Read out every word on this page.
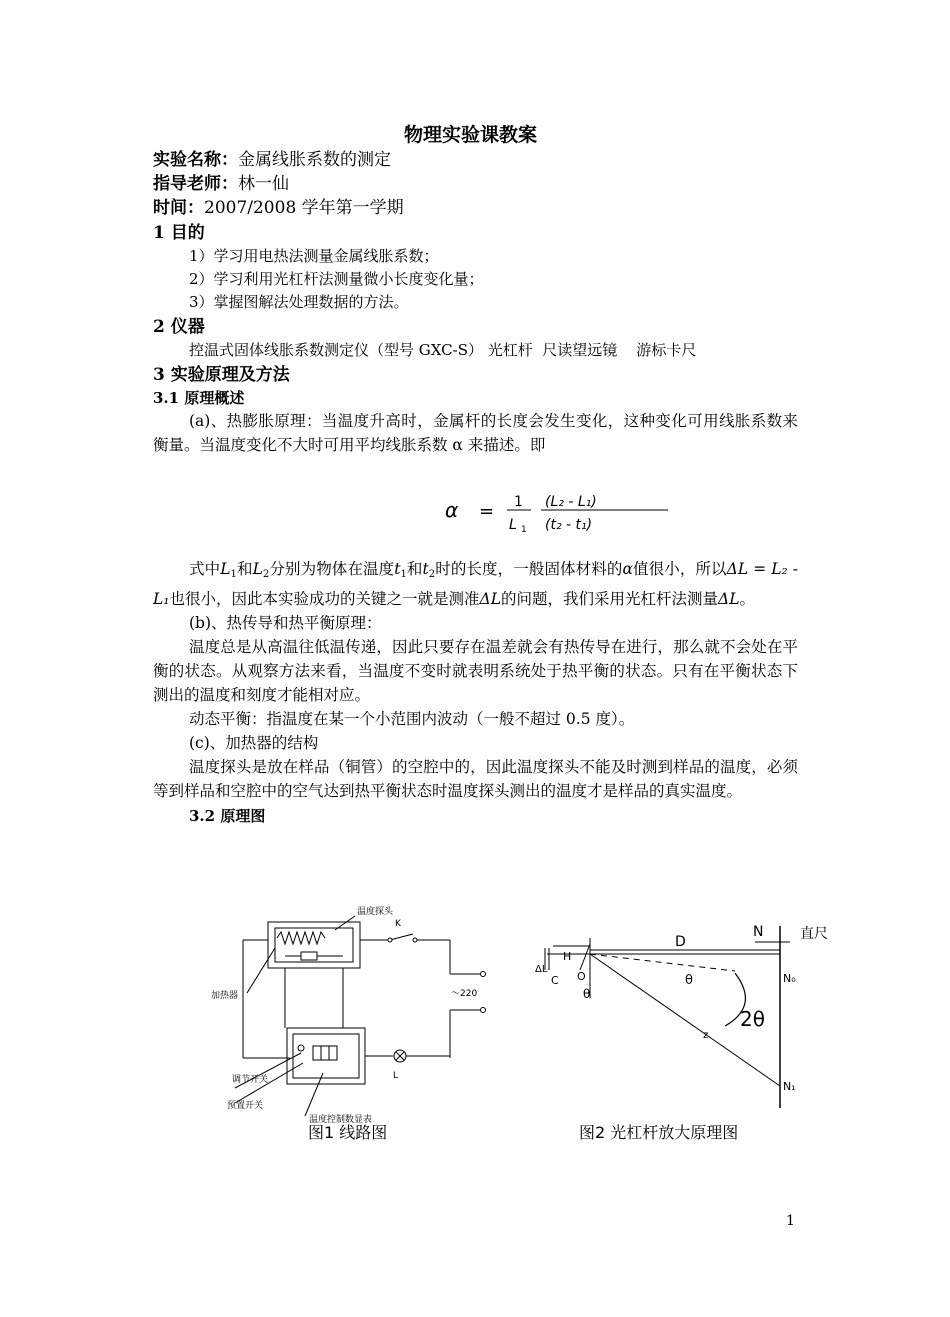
物理实验课教案
实验名称：金属线胀系数的测定
指导老师：林一仙
时间：2007/2008 学年第一学期
1 目的
1）学习用电热法测量金属线胀系数；
2）学习利用光杠杆法测量微小长度变化量；
3）掌握图解法处理数据的方法。
2 仪器
控温式固体线胀系数测定仪（型号 GXC-S） 光杠杆  尺读望远镜    游标卡尺
3 实验原理及方法
3.1 原理概述

(a)、热膨胀原理：当温度升高时，金属杆的长度会发生变化，这种变化可用线胀系数来衡量。当温度变化不大时可用平均线胀系数 α 来描述。即

α = 1
L 1
(L₂ - L₁)
(t₂ - t₁)

式中$L_1$和$L_2$分别为物体在温度$t_1$和$t_2$时的长度，一般固体材料的α值很小，所以ΔL = L₂ - L₁也很小，因此本实验成功的关键之一就是测准ΔL的问题，我们采用光杠杆法测量ΔL。

(b)、热传导和热平衡原理：

温度总是从高温往低温传递，因此只要存在温差就会有热传导在进行，那么就不会处在平衡的状态。从观察方法来看，当温度不变时就表明系统处于热平衡的状态。只有在平衡状态下测出的温度和刻度才能相对应。

动态平衡：指温度在某一个小范围内波动（一般不超过 0.5 度）。

(c)、加热器的结构

温度探头是放在样品（铜管）的空腔中的，因此温度探头不能及时测到样品的温度，必须等到样品和空腔中的空气达到热平衡状态时温度探头测出的温度才是样品的真实温度。

3.2 原理图
温度探头
K
加热器	～220
调节开关
预置开关
温度控制数显表
L
图1 线路图
N	直尺
D
H
ΔL
C O
θ
θ
2θ
N₀
N₁
z
图2 光杠杆放大原理图
1
